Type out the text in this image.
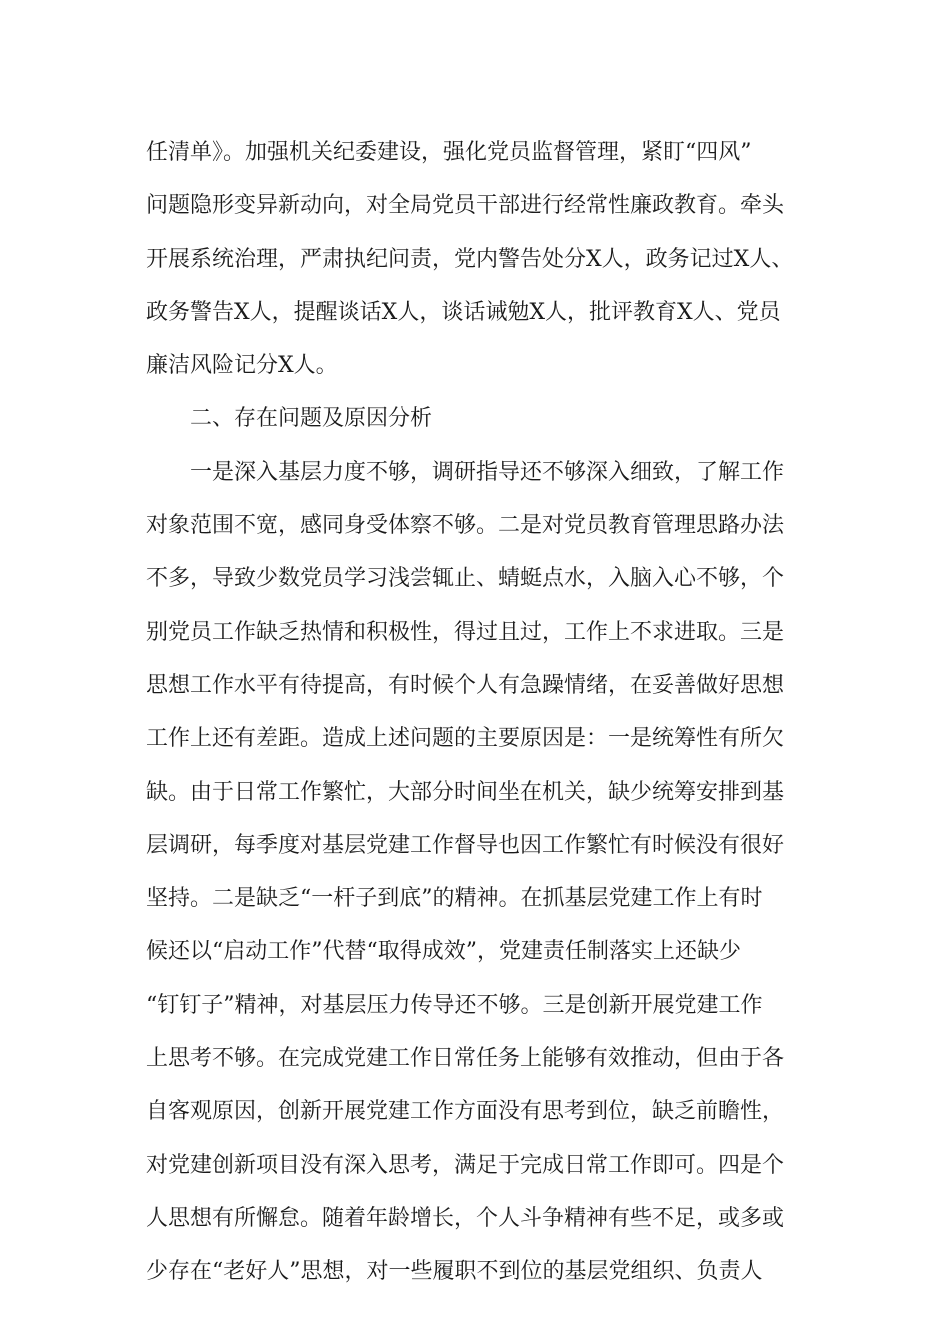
任清单》。加强机关纪委建设，强化党员监督管理，紧盯“四风”
问题隐形变异新动向，对全局党员干部进行经常性廉政教育。牵头
开展系统治理，严肃执纪问责，党内警告处分X人，政务记过X人、
政务警告X人，提醒谈话X人，谈话诫勉X人，批评教育X人、党员
廉洁风险记分X人。
二、存在问题及原因分析
一是深入基层力度不够，调研指导还不够深入细致，了解工作
对象范围不宽，感同身受体察不够。二是对党员教育管理思路办法
不多，导致少数党员学习浅尝辄止、蜻蜓点水，入脑入心不够，个
别党员工作缺乏热情和积极性，得过且过，工作上不求进取。三是
思想工作水平有待提高，有时候个人有急躁情绪，在妥善做好思想
工作上还有差距。造成上述问题的主要原因是：一是统筹性有所欠
缺。由于日常工作繁忙，大部分时间坐在机关，缺少统筹安排到基
层调研，每季度对基层党建工作督导也因工作繁忙有时候没有很好
坚持。二是缺乏“一杆子到底”的精神。在抓基层党建工作上有时
候还以“启动工作”代替“取得成效”，党建责任制落实上还缺少
“钉钉子”精神，对基层压力传导还不够。三是创新开展党建工作
上思考不够。在完成党建工作日常任务上能够有效推动，但由于各
自客观原因，创新开展党建工作方面没有思考到位，缺乏前瞻性，
对党建创新项目没有深入思考，满足于完成日常工作即可。四是个
人思想有所懈怠。随着年龄增长，个人斗争精神有些不足，或多或
少存在“老好人”思想，对一些履职不到位的基层党组织、负责人
